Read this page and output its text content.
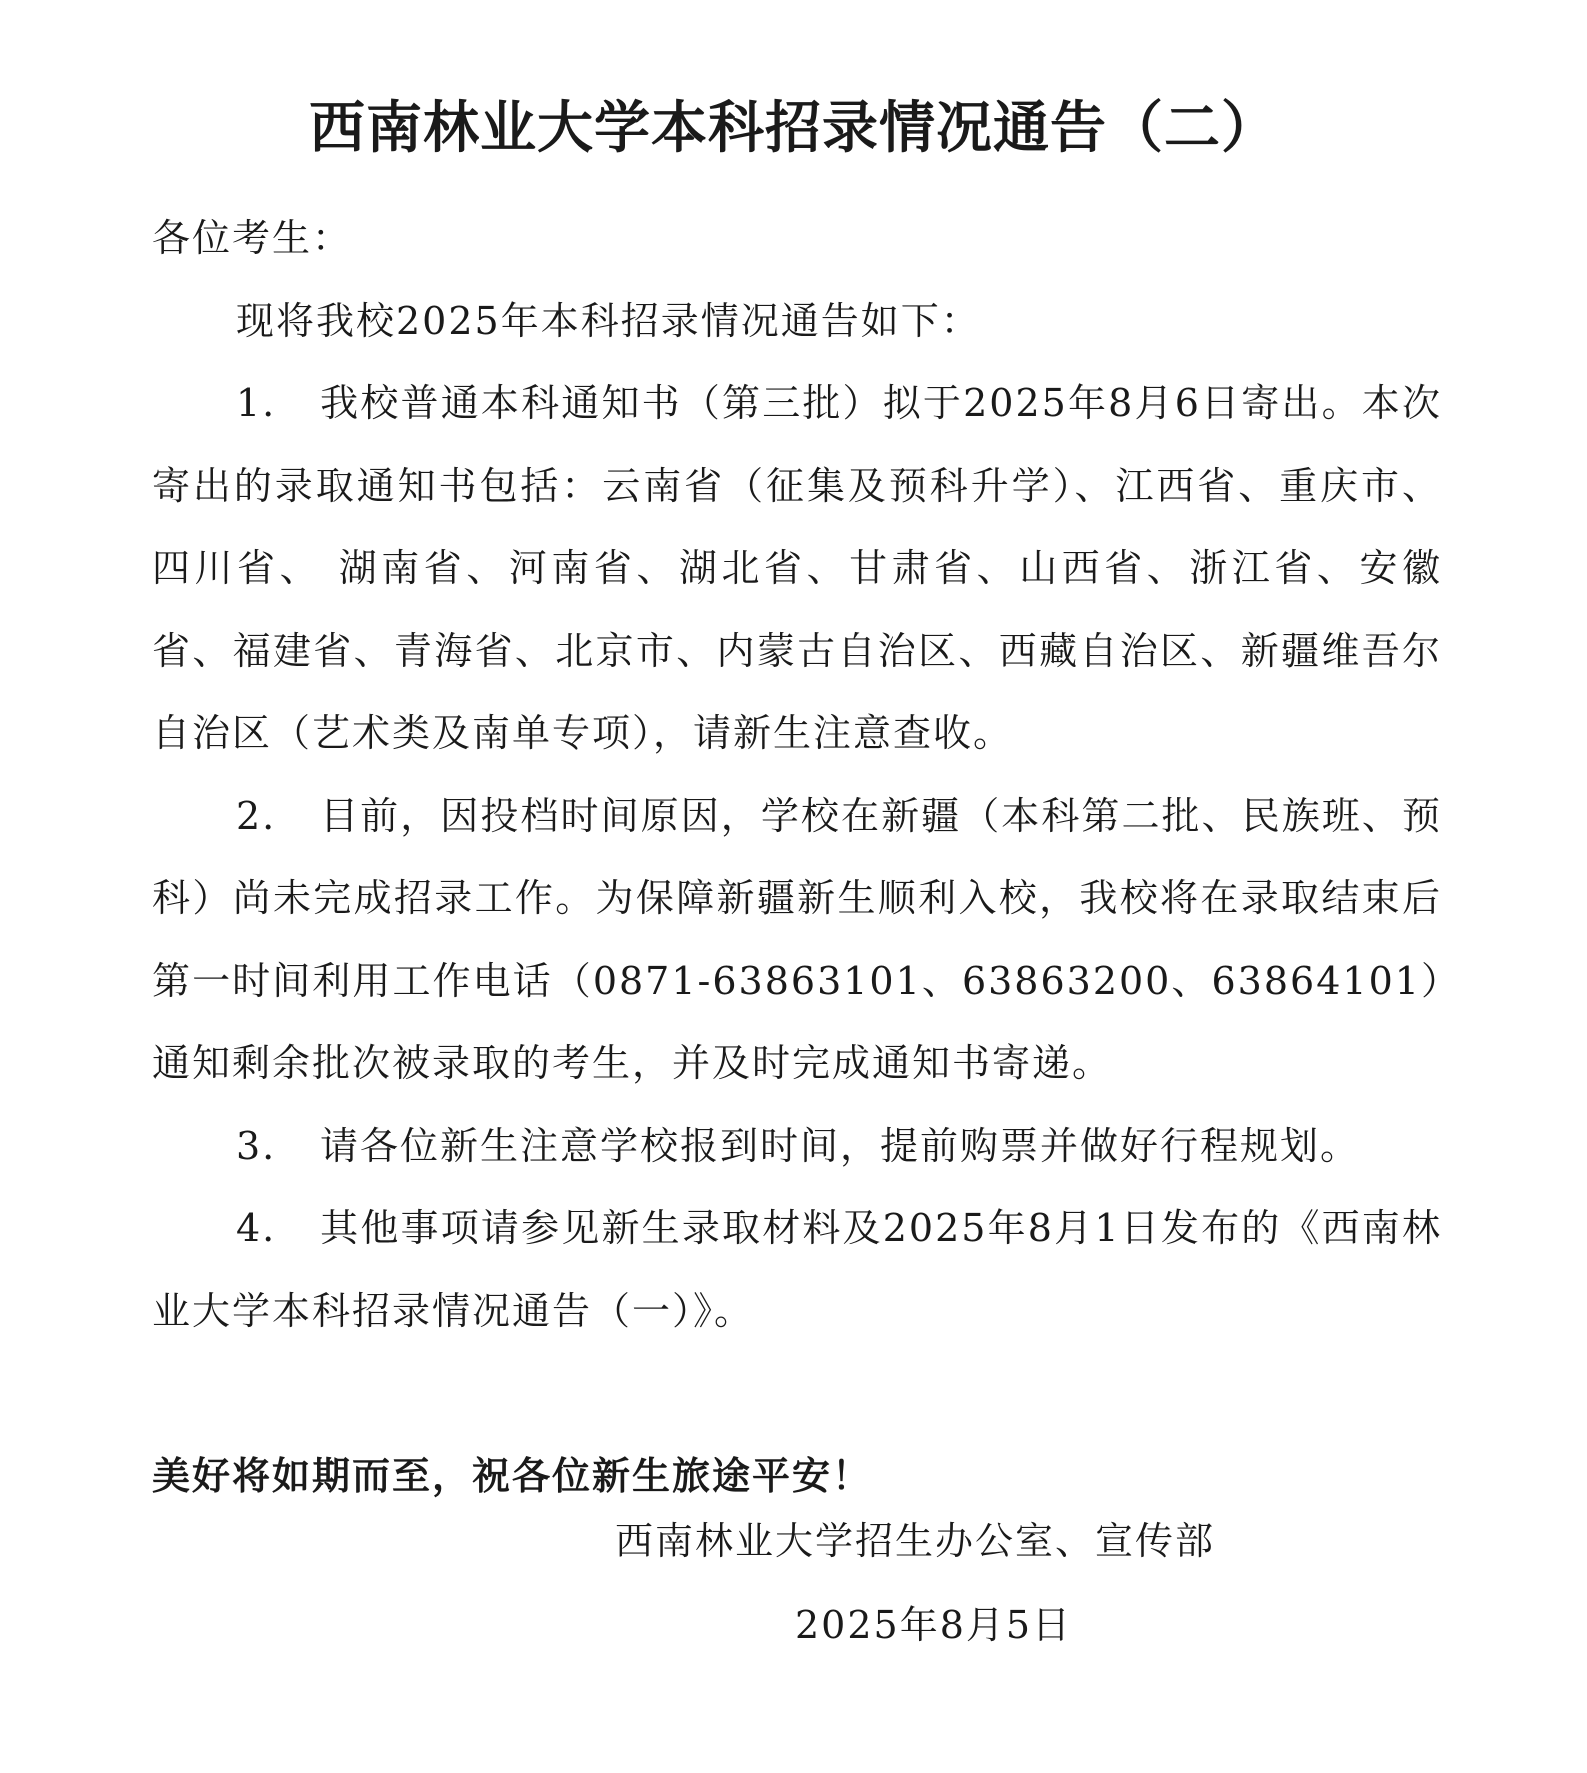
西南林业大学本科招录情况通告（二）

各位考生：

现将我校2025年本科招录情况通告如下：

1. 我校普通本科通知书（第三批）拟于2025年8月6日寄出。本次寄出的录取通知书包括：云南省（征集及预科升学）、江西省、重庆市、四川省、 湖南省、河南省、湖北省、甘肃省、山西省、浙江省、安徽省、福建省、青海省、北京市、内蒙古自治区、西藏自治区、新疆维吾尔自治区（艺术类及南单专项），请新生注意查收。

2. 目前，因投档时间原因，学校在新疆（本科第二批、民族班、预科）尚未完成招录工作。为保障新疆新生顺利入校，我校将在录取结束后第一时间利用工作电话（0871-63863101、63863200、63864101）通知剩余批次被录取的考生，并及时完成通知书寄递。

3. 请各位新生注意学校报到时间，提前购票并做好行程规划。

4. 其他事项请参见新生录取材料及2025年8月1日发布的《西南林业大学本科招录情况通告（一）》。

美好将如期而至，祝各位新生旅途平安！

西南林业大学招生办公室、宣传部

2025年8月5日
